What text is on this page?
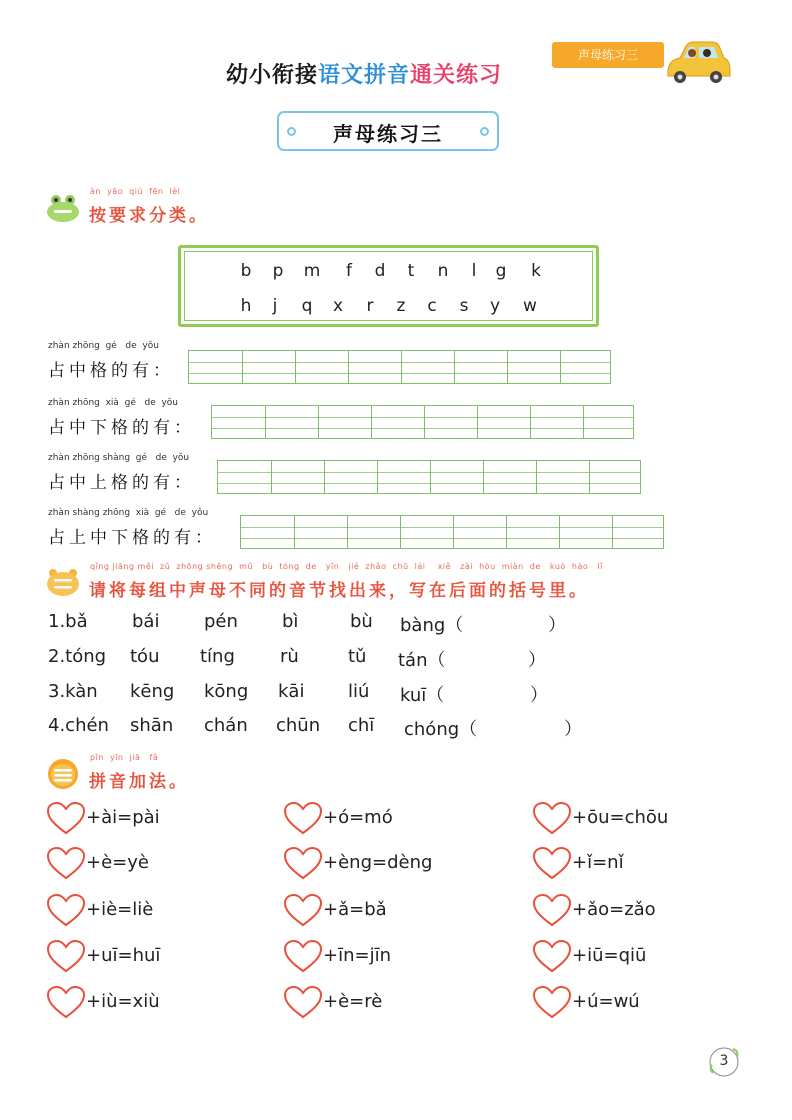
幼小衔接语文拼音通关练习
声母练习三
声母练习三
àn  yāo  qiú  fēn  lèi
按要求分类。
b p m	f	d	t	n	l	g k
h	j	q x	r	z	c	s	y w
zhàn zhōng  gé   de  yǒu
占中格的有：
zhàn zhōng  xià  gé   de  yǒu
占中下格的有：
zhàn zhōng shàng  gé   de  yǒu
占中上格的有：
zhàn shàng zhōng  xià  gé   de  yǒu
占上中下格的有：
qǐng jiāng měi  zǔ  zhōng shēng  mǔ   bù  tóng  de   yīn   jié  zhǎo  chū  lái    xiě   zài  hòu  miàn  de   kuò  hào   lǐ
请将每组中声母不同的音节找出来，写在后面的括号里。
1.bǎ bái pén bì	bù bàng（	）
2.tóng tóu tíng	rù	tǔ tán（	）
3.kàn kēng kōng kāi liú kuī（	）
4.chén shān chán chūn chī chóng（	）
pīn  yīn  jiā   fǎ
拼音加法。
+ài=pài	+ó=mó	+ōu=chōu
+è=yè	+èng=dèng	+ǐ=nǐ
+iè=liè	+ǎ=bǎ	+ǎo=zǎo
+uī=huī	+īn=jīn	+iū=qiū
+iù=xiù	+è=rè	+ú=wú
3
